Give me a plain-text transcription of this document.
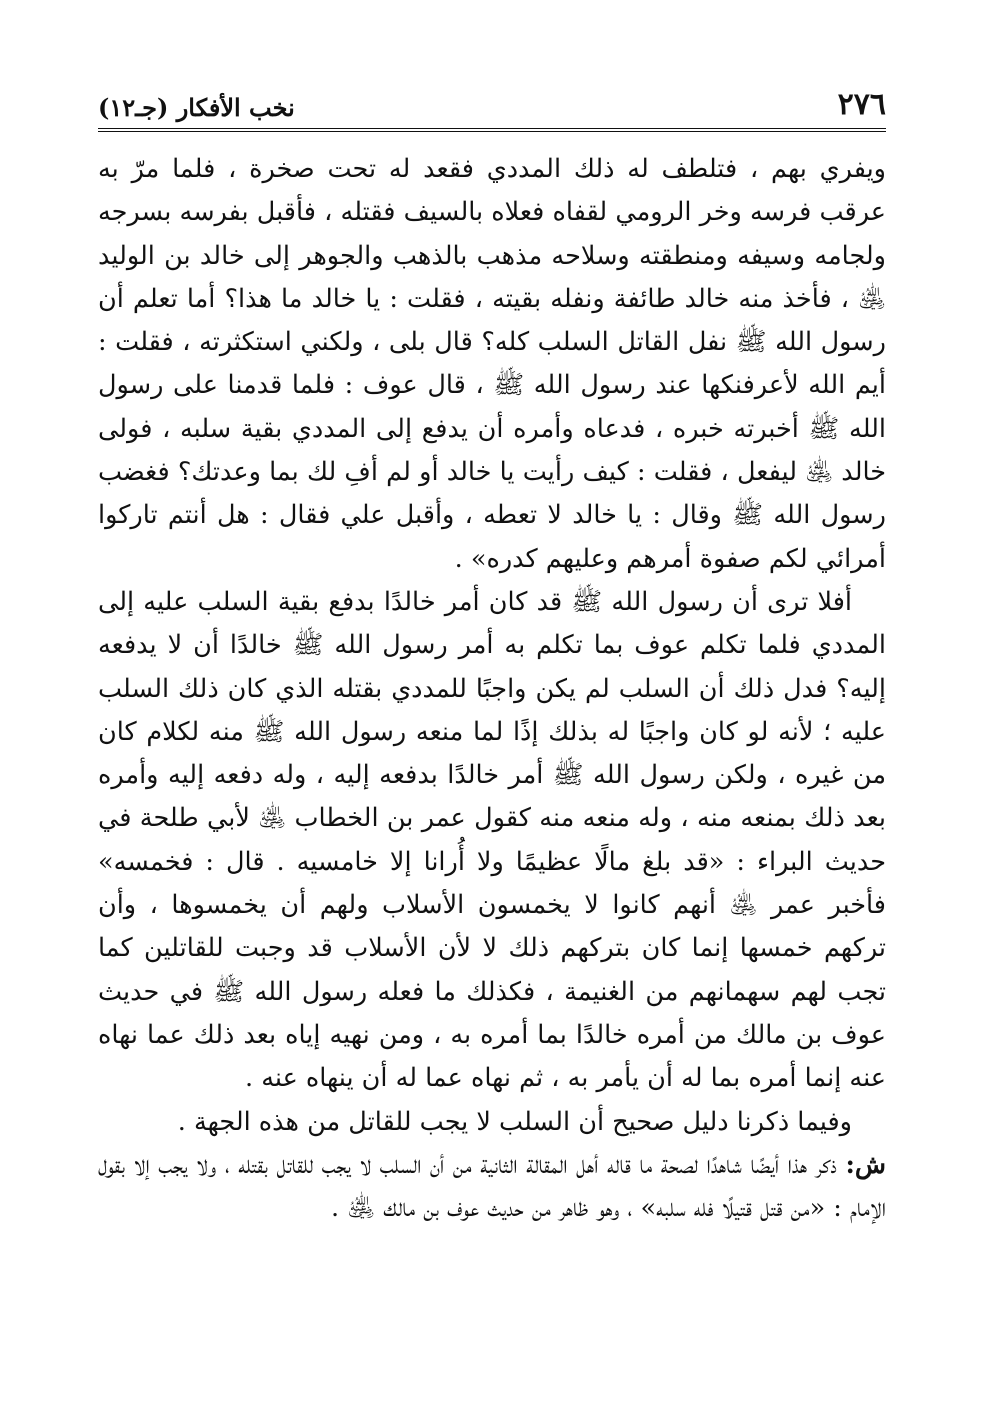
٢٧٦
نخب الأفكار (جـ١٢)

ويفري بهم ، فتلطف له ذلك المددي فقعد له تحت صخرة ، فلما مرّ به عرقب فرسه وخر الرومي لقفاه فعلاه بالسيف فقتله ، فأقبل بفرسه بسرجه ولجامه وسيفه ومنطقته وسلاحه مذهب بالذهب والجوهر إلى خالد بن الوليد ﵁ ، فأخذ منه خالد طائفة ونفله بقيته ، فقلت : يا خالد ما هذا؟ أما تعلم أن رسول الله ﷺ نفل القاتل السلب كله؟ قال بلى ، ولكني استكثرته ، فقلت : أيم الله لأعرفنكها عند رسول الله ﷺ ، قال عوف : فلما قدمنا على رسول الله ﷺ أخبرته خبره ، فدعاه وأمره أن يدفع إلى المددي بقية سلبه ، فولى خالد ﵁ ليفعل ، فقلت : كيف رأيت يا خالد أو لم أفِ لك بما وعدتك؟ فغضب رسول الله ﷺ وقال : يا خالد لا تعطه ، وأقبل علي فقال : هل أنتم تاركوا أمرائي لكم صفوة أمرهم وعليهم كدره» .

أفلا ترى أن رسول الله ﷺ قد كان أمر خالدًا بدفع بقية السلب عليه إلى المددي فلما تكلم عوف بما تكلم به أمر رسول الله ﷺ خالدًا أن لا يدفعه إليه؟ فدل ذلك أن السلب لم يكن واجبًا للمددي بقتله الذي كان ذلك السلب عليه ؛ لأنه لو كان واجبًا له بذلك إذًا لما منعه رسول الله ﷺ منه لكلام كان من غيره ، ولكن رسول الله ﷺ أمر خالدًا بدفعه إليه ، وله دفعه إليه وأمره بعد ذلك بمنعه منه ، وله منعه منه كقول عمر بن الخطاب ﵁ لأبي طلحة في حديث البراء : «قد بلغ مالًا عظيمًا ولا أُرانا إلا خامسيه . قال : فخمسه» فأخبر عمر ﵁ أنهم كانوا لا يخمسون الأسلاب ولهم أن يخمسوها ، وأن تركهم خمسها إنما كان بتركهم ذلك لا لأن الأسلاب قد وجبت للقاتلين كما تجب لهم سهمانهم من الغنيمة ، فكذلك ما فعله رسول الله ﷺ في حديث عوف بن مالك من أمره خالدًا بما أمره به ، ومن نهيه إياه بعد ذلك عما نهاه عنه إنما أمره بما له أن يأمر به ، ثم نهاه عما له أن ينهاه عنه .

وفيما ذكرنا دليل صحيح أن السلب لا يجب للقاتل من هذه الجهة .

ش: ذكر هذا أيضًا شاهدًا لصحة ما قاله أهل المقالة الثانية من أن السلب لا يجب للقاتل بقتله ، ولا يجب إلا بقول الإمام : «من قتل قتيلًا فله سلبه» ، وهو ظاهر من حديث عوف بن مالك ﵁ .
